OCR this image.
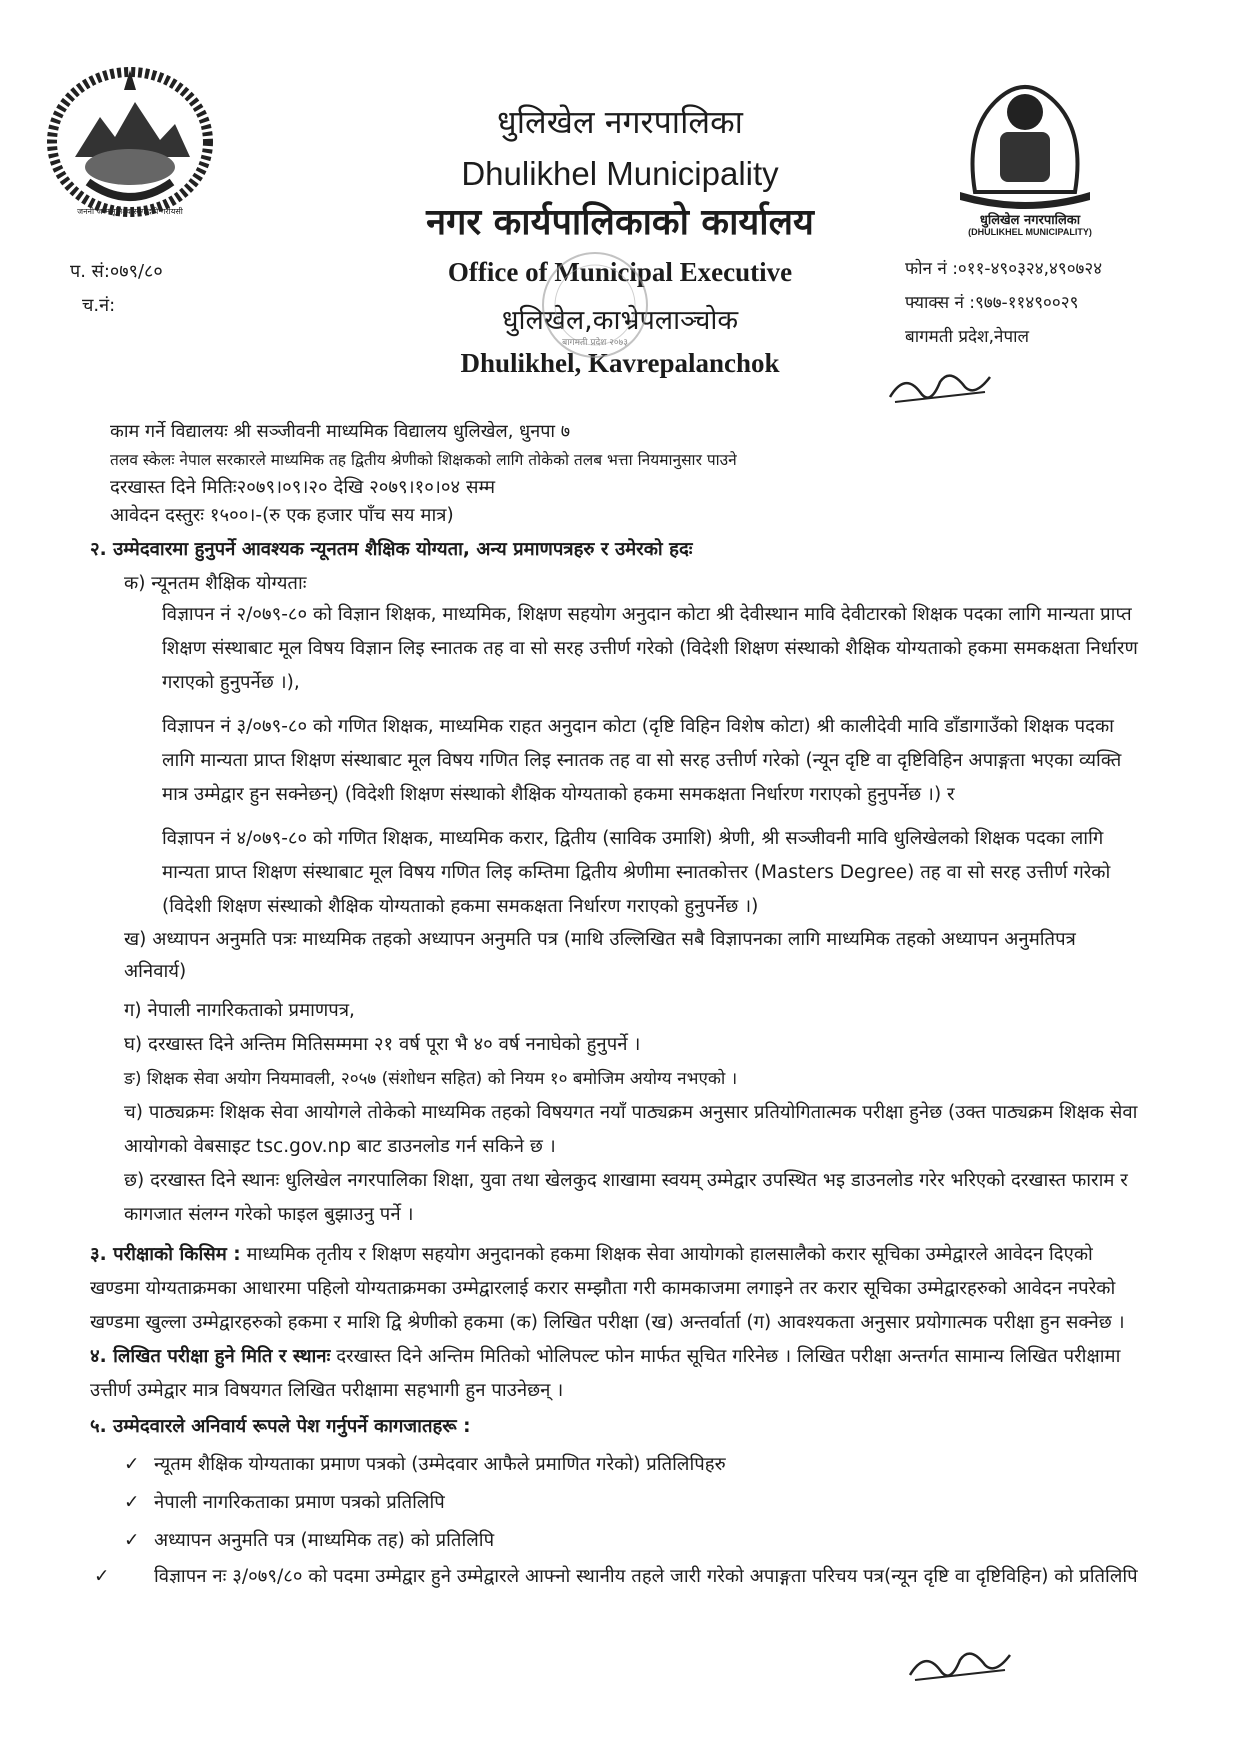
जननी जन्मभूमिश्च स्वर्गादपि गरीयसी
धुलिखेल नगरपालिका
(DHULIKHEL MUNICIPALITY)
धुलिखेल नगरपालिका
Dhulikhel Municipality
नगर कार्यपालिकाको कार्यालय
Office of Municipal Executive
धुलिखेल,काभ्रेपलाञ्चोक
Dhulikhel, Kavrepalanchok
बागमती प्रदेश २०७३
प. सं:०७९/८०
च.नं:
फोन नं :०११-४९०३२४,४९०७२४
फ्याक्स नं :९७७-११४९००२९
बागमती प्रदेश,नेपाल

काम गर्ने विद्यालयः श्री सञ्जीवनी माध्यमिक विद्यालय धुलिखेल, धुनपा ७

तलव स्केलः नेपाल सरकारले माध्यमिक तह द्वितीय श्रेणीको शिक्षकको लागि तोकेको तलब भत्ता नियमानुसार पाउने

दरखास्त दिने मितिः२०७९।०९।२० देखि २०७९।१०।०४ सम्म

आवेदन दस्तुरः १५००।-(रु एक हजार पाँच सय मात्र)

२. उम्मेदवारमा हुनुपर्ने आवश्यक न्यूनतम शैक्षिक योग्यता, अन्य प्रमाणपत्रहरु र उमेरको हदः

क) न्यूनतम शैक्षिक योग्यताः

विज्ञापन नं २/०७९-८० को विज्ञान शिक्षक, माध्यमिक, शिक्षण सहयोग अनुदान कोटा श्री देवीस्थान मावि देवीटारको शिक्षक पदका लागि मान्यता प्राप्त शिक्षण संस्थाबाट मूल विषय विज्ञान लिइ स्नातक तह वा सो सरह उत्तीर्ण गरेको (विदेशी शिक्षण संस्थाको शैक्षिक योग्यताको हकमा समकक्षता निर्धारण गराएको हुनुपर्नेछ ।),

विज्ञापन नं ३/०७९-८० को गणित शिक्षक, माध्यमिक राहत अनुदान कोटा (दृष्टि विहिन विशेष कोटा) श्री कालीदेवी मावि डाँडागाउँको शिक्षक पदका लागि मान्यता प्राप्त शिक्षण संस्थाबाट मूल विषय गणित लिइ स्नातक तह वा सो सरह उत्तीर्ण गरेको (न्यून दृष्टि वा दृष्टिविहिन अपाङ्गता भएका व्यक्ति मात्र उम्मेद्वार हुन सक्नेछन्) (विदेशी शिक्षण संस्थाको शैक्षिक योग्यताको हकमा समकक्षता निर्धारण गराएको हुनुपर्नेछ ।) र

विज्ञापन नं ४/०७९-८० को गणित शिक्षक, माध्यमिक करार, द्वितीय (साविक उमाशि) श्रेणी, श्री सञ्जीवनी मावि धुलिखेलको शिक्षक पदका लागि मान्यता प्राप्त शिक्षण संस्थाबाट मूल विषय गणित लिइ कम्तिमा द्वितीय श्रेणीमा स्नातकोत्तर (Masters Degree) तह वा सो सरह उत्तीर्ण गरेको (विदेशी शिक्षण संस्थाको शैक्षिक योग्यताको हकमा समकक्षता निर्धारण गराएको हुनुपर्नेछ ।)

ख) अध्यापन अनुमति पत्रः माध्यमिक तहको अध्यापन अनुमति पत्र (माथि उल्लिखित सबै विज्ञापनका लागि माध्यमिक तहको अध्यापन अनुमतिपत्र अनिवार्य)

ग) नेपाली नागरिकताको प्रमाणपत्र,

घ) दरखास्त दिने अन्तिम मितिसम्ममा २१ वर्ष पूरा भै ४० वर्ष ननाघेको हुनुपर्ने ।

ङ) शिक्षक सेवा अयोग नियमावली, २०५७ (संशोधन सहित) को नियम १० बमोजिम अयोग्य नभएको ।

च) पाठ्यक्रमः शिक्षक सेवा आयोगले तोकेको माध्यमिक तहको विषयगत नयाँ पाठ्यक्रम अनुसार प्रतियोगितात्मक परीक्षा हुनेछ (उक्त पाठ्यक्रम शिक्षक सेवा आयोगको वेबसाइट tsc.gov.np बाट डाउनलोड गर्न सकिने छ ।

छ) दरखास्त दिने स्थानः धुलिखेल नगरपालिका शिक्षा, युवा तथा खेलकुद शाखामा स्वयम् उम्मेद्वार उपस्थित भइ डाउनलोड गरेर भरिएको दरखास्त फाराम र कागजात संलग्न गरेको फाइल बुझाउनु पर्ने ।

३. परीक्षाको किसिम : माध्यमिक तृतीय र शिक्षण सहयोग अनुदानको हकमा शिक्षक सेवा आयोगको हालसालैको करार सूचिका उम्मेद्वारले आवेदन दिएको खण्डमा योग्यताक्रमका आधारमा पहिलो योग्यताक्रमका उम्मेद्वारलाई करार सम्झौता गरी कामकाजमा लगाइने तर करार सूचिका उम्मेद्वारहरुको आवेदन नपरेको खण्डमा खुल्ला उम्मेद्वारहरुको हकमा र माशि द्वि श्रेणीको हकमा (क) लिखित परीक्षा (ख) अन्तर्वार्ता (ग) आवश्यकता अनुसार प्रयोगात्मक परीक्षा हुन सक्नेछ ।

४. लिखित परीक्षा हुने मिति र स्थानः दरखास्त दिने अन्तिम मितिको भोलिपल्ट फोन मार्फत सूचित गरिनेछ । लिखित परीक्षा अन्तर्गत सामान्य लिखित परीक्षामा उत्तीर्ण उम्मेद्वार मात्र विषयगत लिखित परीक्षामा सहभागी हुन पाउनेछन् ।

५. उम्मेदवारले अनिवार्य रूपले पेश गर्नुपर्ने कागजातहरू :

✓ न्यूतम शैक्षिक योग्यताका प्रमाण पत्रको (उम्मेदवार आफैले प्रमाणित गरेको) प्रतिलिपिहरु

✓ नेपाली नागरिकताका प्रमाण पत्रको प्रतिलिपि

✓ अध्यापन अनुमति पत्र (माध्यमिक तह) को प्रतिलिपि

✓ विज्ञापन नः ३/०७९/८० को पदमा उम्मेद्वार हुने उम्मेद्वारले आफ्नो स्थानीय तहले जारी गरेको अपाङ्गता परिचय पत्र(न्यून दृष्टि वा दृष्टिविहिन) को प्रतिलिपि
